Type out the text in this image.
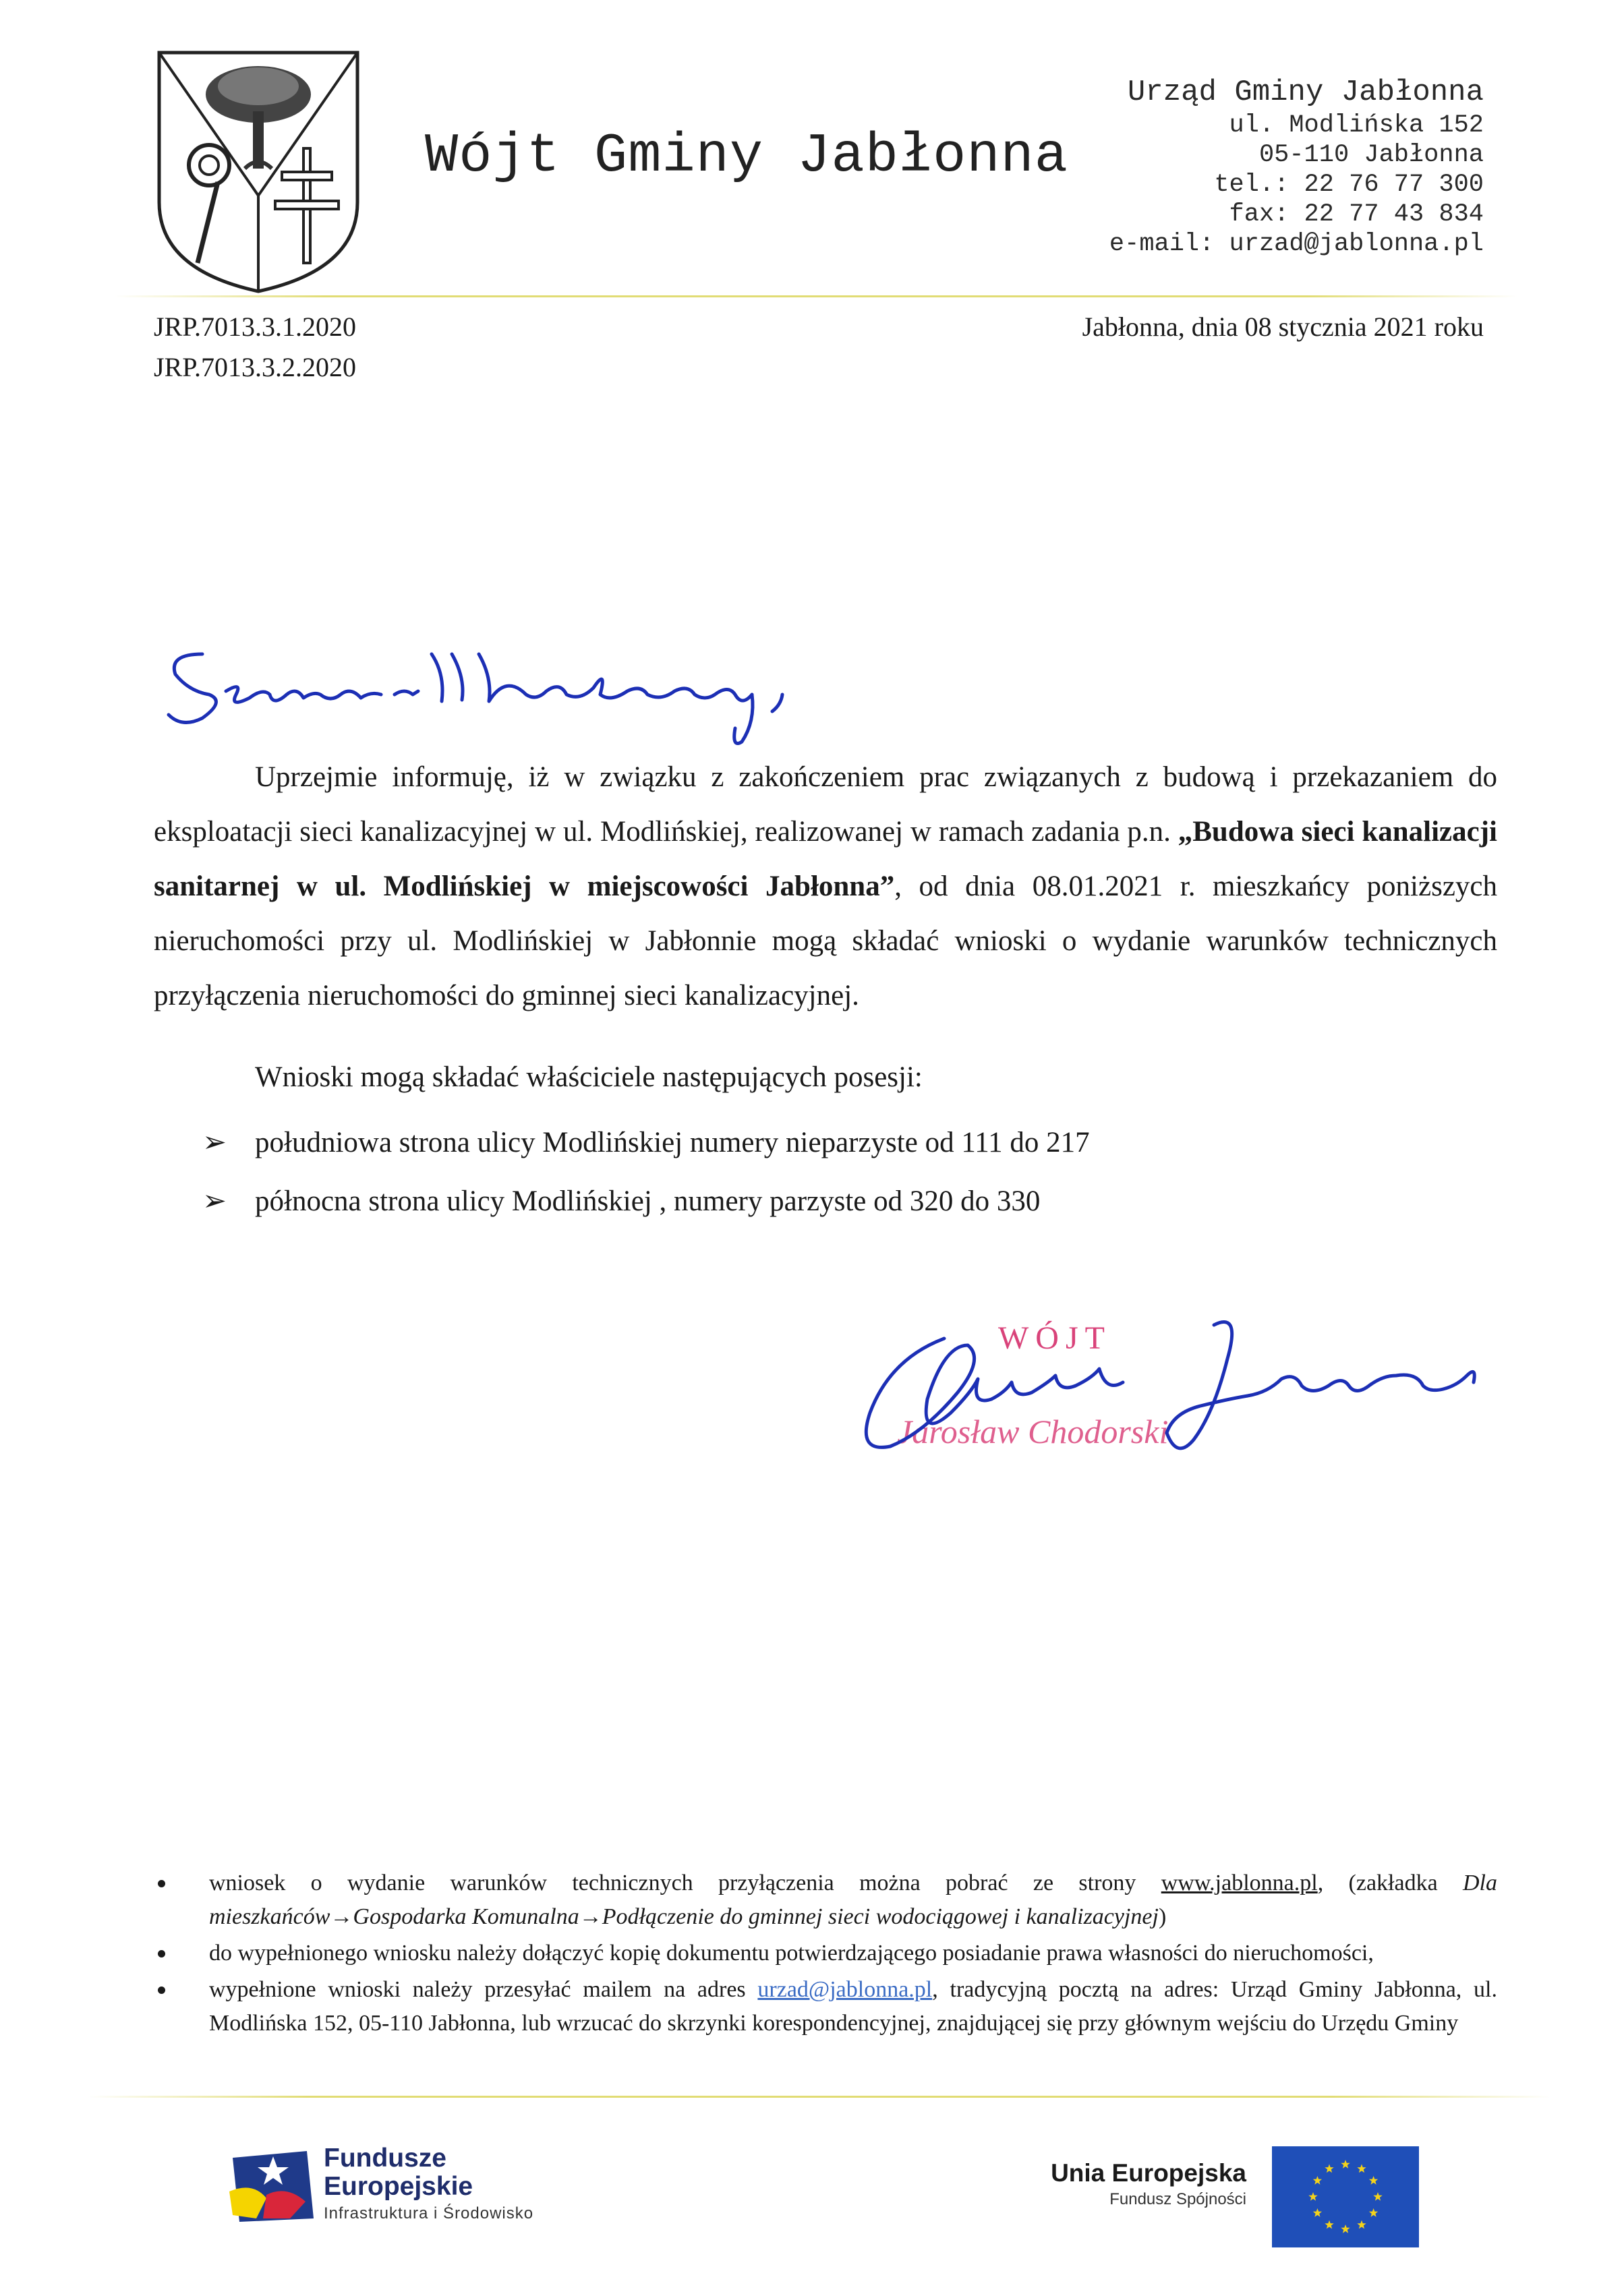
Wójt Gminy Jabłonna
Urząd Gminy Jabłonna
ul. Modlińska 152
05-110 Jabłonna
tel.: 22 76 77 300
fax: 22 77 43 834
e-mail: urzad@jablonna.pl
JRP.7013.3.1.2020
JRP.7013.3.2.2020
Jabłonna, dnia 08 stycznia 2021 roku
Szanowni Mieszkańcy,

Uprzejmie informuję, iż w związku z zakończeniem prac związanych z budową i przekazaniem do eksploatacji sieci kanalizacyjnej w ul. Modlińskiej, realizowanej w ramach zadania p.n. „Budowa sieci kanalizacji sanitarnej w ul. Modlińskiej w miejscowości Jabłonna”, od dnia 08.01.2021 r. mieszkańcy poniższych nieruchomości przy ul. Modlińskiej w Jabłonnie mogą składać wnioski o wydanie warunków technicznych przyłączenia nieruchomości do gminnej sieci kanalizacyjnej.

Wnioski mogą składać właściciele następujących posesji:
➢ południowa strona ulicy Modlińskiej numery nieparzyste od 111 do 217
➢ północna strona ulicy Modlińskiej , numery parzyste od 320 do 330
WÓJT
Jarosław Chodorski
wniosek o wydanie warunków technicznych przyłączenia można pobrać ze strony www.jablonna.pl, (zakładka Dla mieszkańców→Gospodarka Komunalna→Podłączenie do gminnej sieci wodociągowej i kanalizacyjnej)
do wypełnionego wniosku należy dołączyć kopię dokumentu potwierdzającego posiadanie prawa własności do nieruchomości,
wypełnione wnioski należy przesyłać mailem na adres urzad@jablonna.pl, tradycyjną pocztą na adres: Urząd Gminy Jabłonna, ul. Modlińska 152, 05-110 Jabłonna, lub wrzucać do skrzynki korespondencyjnej, znajdującej się przy głównym wejściu do Urzędu Gminy
Fundusze
Europejskie
Infrastruktura i Środowisko
Unia Europejska
Fundusz Spójności
